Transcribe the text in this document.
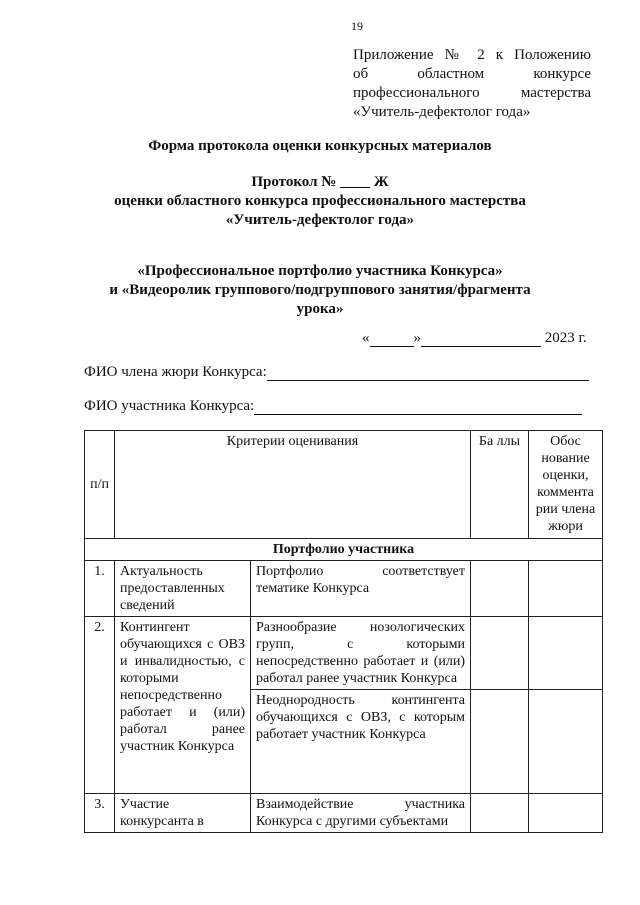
19
Приложение № 2 к Положению
об областном конкурсе
профессионального мастерства
«Учитель-дефектолог года»
Форма протокола оценки конкурсных материалов
Протокол № ____ Ж
оценки областного конкурса профессионального мастерства
«Учитель-дефектолог года»
«Профессиональное портфолио участника Конкурса»
и «Видеоролик группового/подгруппового занятия/фрагмента
урока»
«	»	2023 г.
ФИО члена жюри Конкурса:
ФИО участника Конкурса:
п/п	Критерии оценивания		Ба ллы	Обос нование оценки, коммента рии члена жюри
Портфолио участника				
1.	Актуальность предоставленных сведений	Портфолио соответствует тематике Конкурса		
2.	Контингент обучающихся с ОВЗ и инвалидностью, с которыми непосредственно работает и (или) работал ранее участник Конкурса	Разнообразие нозологических групп, с которыми непосредственно работает и (или) работал ранее участник Конкурса		
		Неоднородность контингента обучающихся с ОВЗ, с которым работает участник Конкурса		
3.	Участие конкурсанта в	Взаимодействие участника Конкурса с другими субъектами		
